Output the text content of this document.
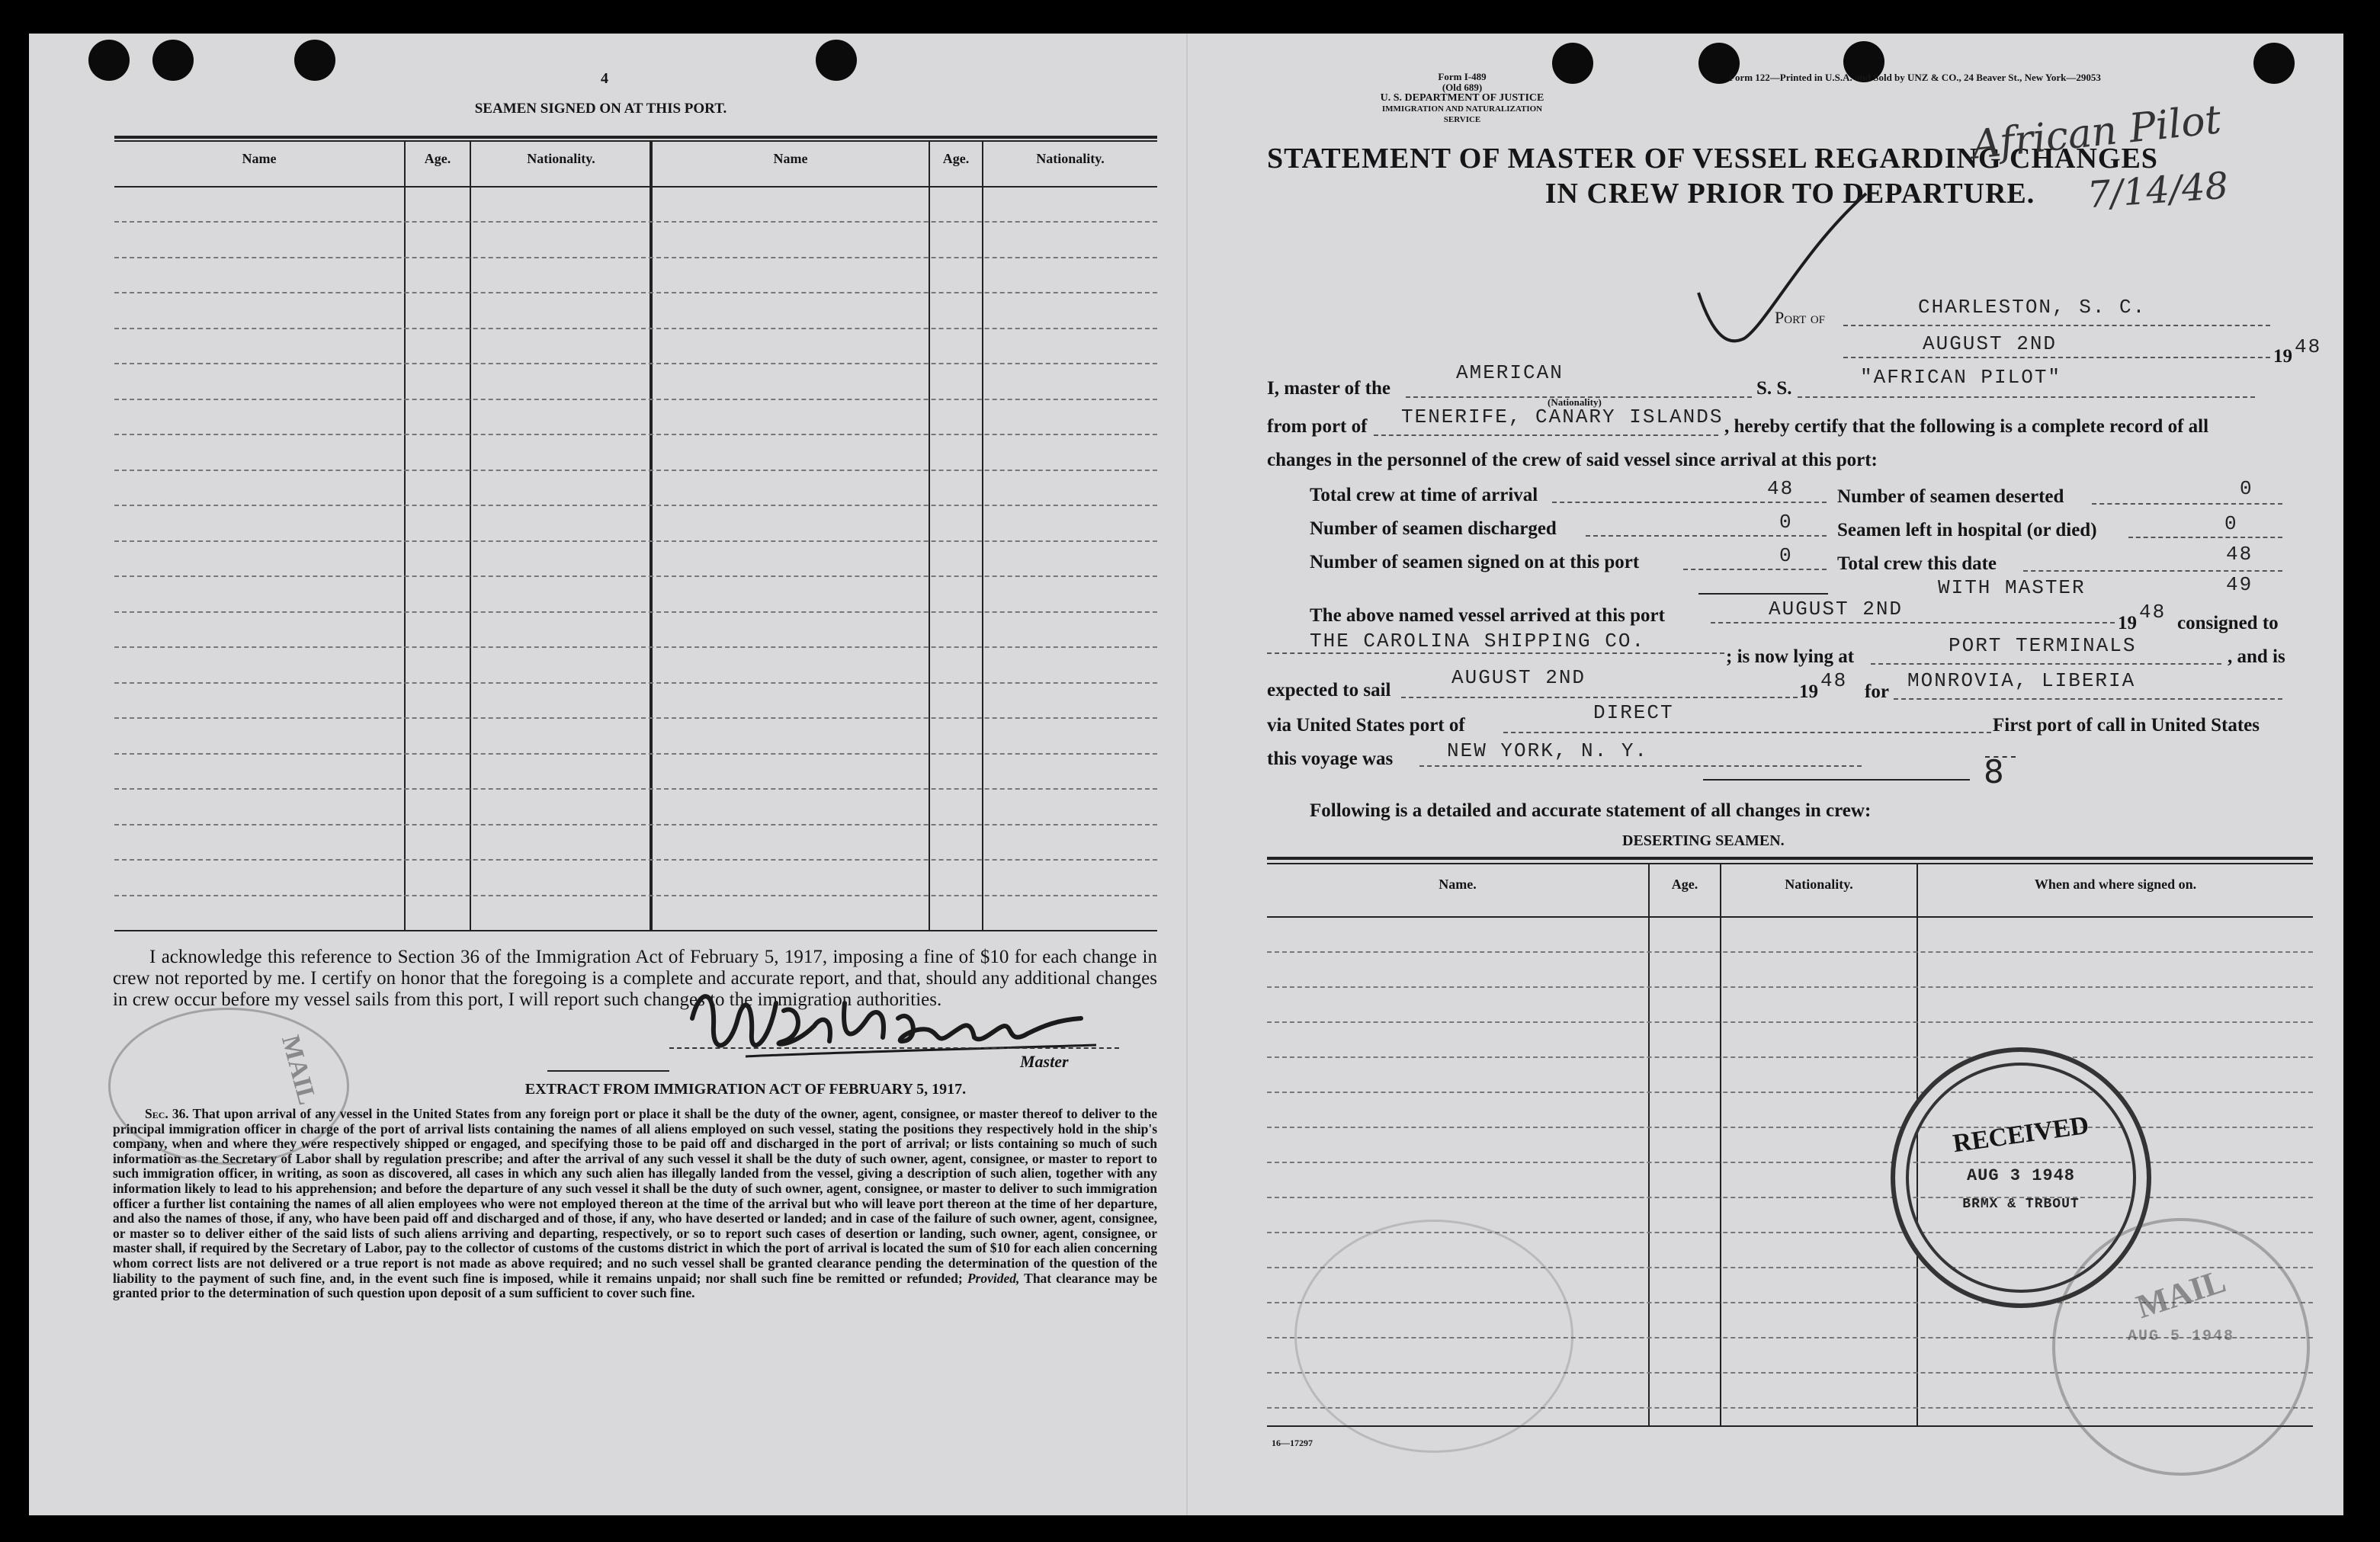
4
SEAMEN SIGNED ON AT THIS PORT.
Name	Age.	Nationality.	Name	Age.	Nationality.
I acknowledge this reference to Section 36 of the Immigration Act of February 5, 1917, imposing a fine of $10 for each change in crew not reported by me. I certify on honor that the foregoing is a complete and accurate report, and that, should any additional changes in crew occur before my vessel sails from this port, I will report such changes to the immigration authorities.
Master
EXTRACT FROM IMMIGRATION ACT OF FEBRUARY 5, 1917.
Sec. 36. That upon arrival of any vessel in the United States from any foreign port or place it shall be the duty of the owner, agent, consignee, or master thereof to deliver to the principal immigration officer in charge of the port of arrival lists containing the names of all aliens employed on such vessel, stating the positions they respectively hold in the ship's company, when and where they were respectively shipped or engaged, and specifying those to be paid off and discharged in the port of arrival; or lists containing so much of such information as the Secretary of Labor shall by regulation prescribe; and after the arrival of any such vessel it shall be the duty of such owner, agent, consignee, or master to report to such immigration officer, in writing, as soon as discovered, all cases in which any such alien has illegally landed from the vessel, giving a description of such alien, together with any information likely to lead to his apprehension; and before the departure of any such vessel it shall be the duty of such owner, agent, consignee, or master to deliver to such immigration officer a further list containing the names of all alien employees who were not employed thereon at the time of the arrival but who will leave port thereon at the time of her departure, and also the names of those, if any, who have been paid off and discharged and of those, if any, who have deserted or landed; and in case of the failure of such owner, agent, consignee, or master so to deliver either of the said lists of such aliens arriving and departing, respectively, or so to report such cases of desertion or landing, such owner, agent, consignee, or master shall, if required by the Secretary of Labor, pay to the collector of customs of the customs district in which the port of arrival is located the sum of $10 for each alien concerning whom correct lists are not delivered or a true report is not made as above required; and no such vessel shall be granted clearance pending the determination of the question of the liability to the payment of such fine, and, in the event such fine is imposed, while it remains unpaid; nor shall such fine be remitted or refunded; Provided, That clearance may be granted prior to the determination of such question upon deposit of a sum sufficient to cover such fine.
MAIL
Form I-489
(Old 689)
U. S. DEPARTMENT OF JUSTICE
IMMIGRATION AND NATURALIZATION SERVICE
Form 122—Printed in U.S.A. and Sold by UNZ & CO., 24 Beaver St., New York—29053
STATEMENT OF MASTER OF VESSEL REGARDING CHANGES
IN CREW PRIOR TO DEPARTURE.
African Pilot
7/14/48
Port of	CHARLESTON, S. C.
AUGUST 2ND
19 48
I, master of the
AMERICAN
(Nationality)
S. S.	"AFRICAN PILOT"
from port of TENERIFE, CANARY ISLANDS , hereby certify that the following is a complete record of all
changes in the personnel of the crew of said vessel since arrival at this port:
Total crew at time of arrival	48
Number of seamen discharged	0
Number of seamen signed on at this port	0
Number of seamen deserted	0
Seamen left in hospital (or died)	0
Total crew this date	48
WITH MASTER	49
The above named vessel arrived at this port	AUGUST 2ND
19 48 consigned to
THE CAROLINA SHIPPING CO.
; is now lying at	PORT TERMINALS	, and is
expected to sail
AUGUST 2ND
19 48 for MONROVIA, LIBERIA
via United States port of
DIRECT
First port of call in United States
this voyage was	NEW YORK, N. Y.
8
Following is a detailed and accurate statement of all changes in crew:
DESERTING SEAMEN.
Name.	Age.	Nationality.	When and where signed on.
16—17297
RECEIVED
AUG 3 1948
BRMX & TRBOUT
MAIL
AUG 5 1948
